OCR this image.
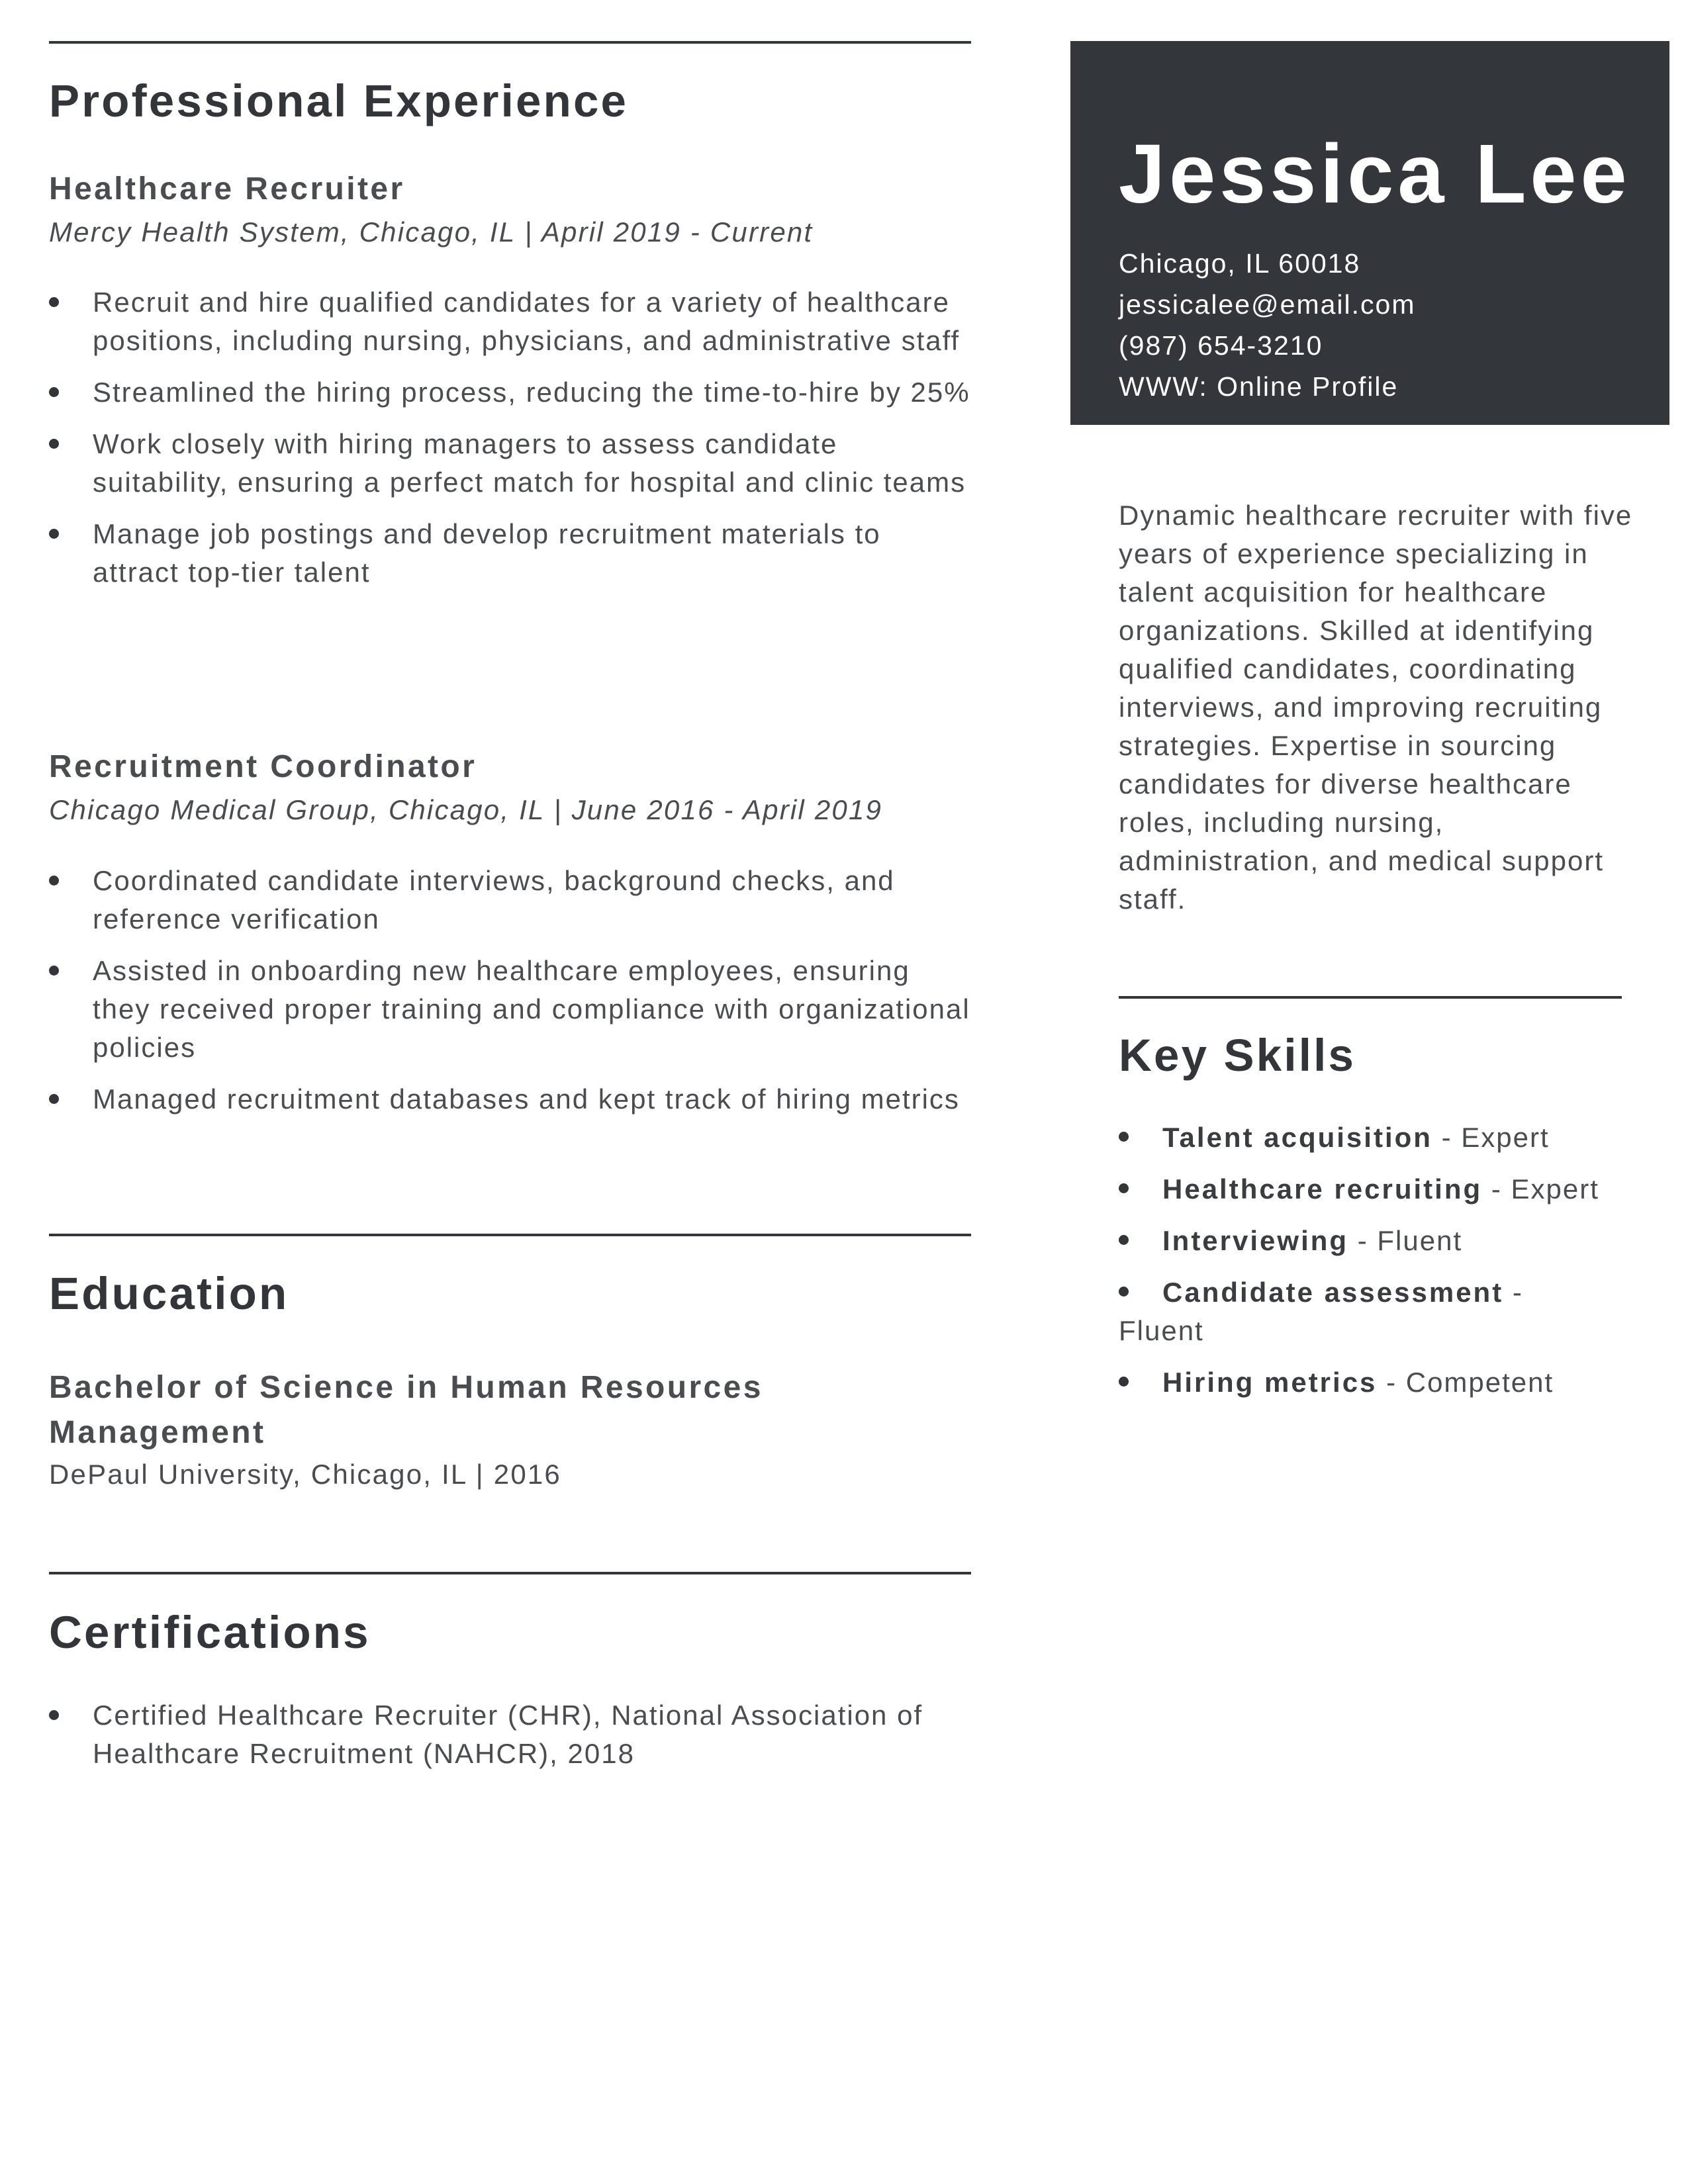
Professional Experience
Healthcare Recruiter
Mercy Health System, Chicago, IL | April 2019 - Current
Recruit and hire qualified candidates for a variety of healthcare positions, including nursing, physicians, and administrative staff
Streamlined the hiring process, reducing the time-to-hire by 25%
Work closely with hiring managers to assess candidate suitability, ensuring a perfect match for hospital and clinic teams
Manage job postings and develop recruitment materials to attract top-tier talent
Recruitment Coordinator
Chicago Medical Group, Chicago, IL | June 2016 - April 2019
Coordinated candidate interviews, background checks, and reference verification
Assisted in onboarding new healthcare employees, ensuring they received proper training and compliance with organizational policies
Managed recruitment databases and kept track of hiring metrics
Education
Bachelor of Science in Human Resources Management
DePaul University, Chicago, IL | 2016
Certifications
Certified Healthcare Recruiter (CHR), National Association of Healthcare Recruitment (NAHCR), 2018
Jessica Lee
Chicago, IL 60018
jessicalee@email.com
(987) 654-3210
WWW: Online Profile
Dynamic healthcare recruiter with five years of experience specializing in talent acquisition for healthcare organizations. Skilled at identifying qualified candidates, coordinating interviews, and improving recruiting strategies. Expertise in sourcing candidates for diverse healthcare roles, including nursing, administration, and medical support staff.
Key Skills
Talent acquisition - Expert
Healthcare recruiting - Expert
Interviewing - Fluent
Candidate assessment - Fluent
Hiring metrics - Competent
